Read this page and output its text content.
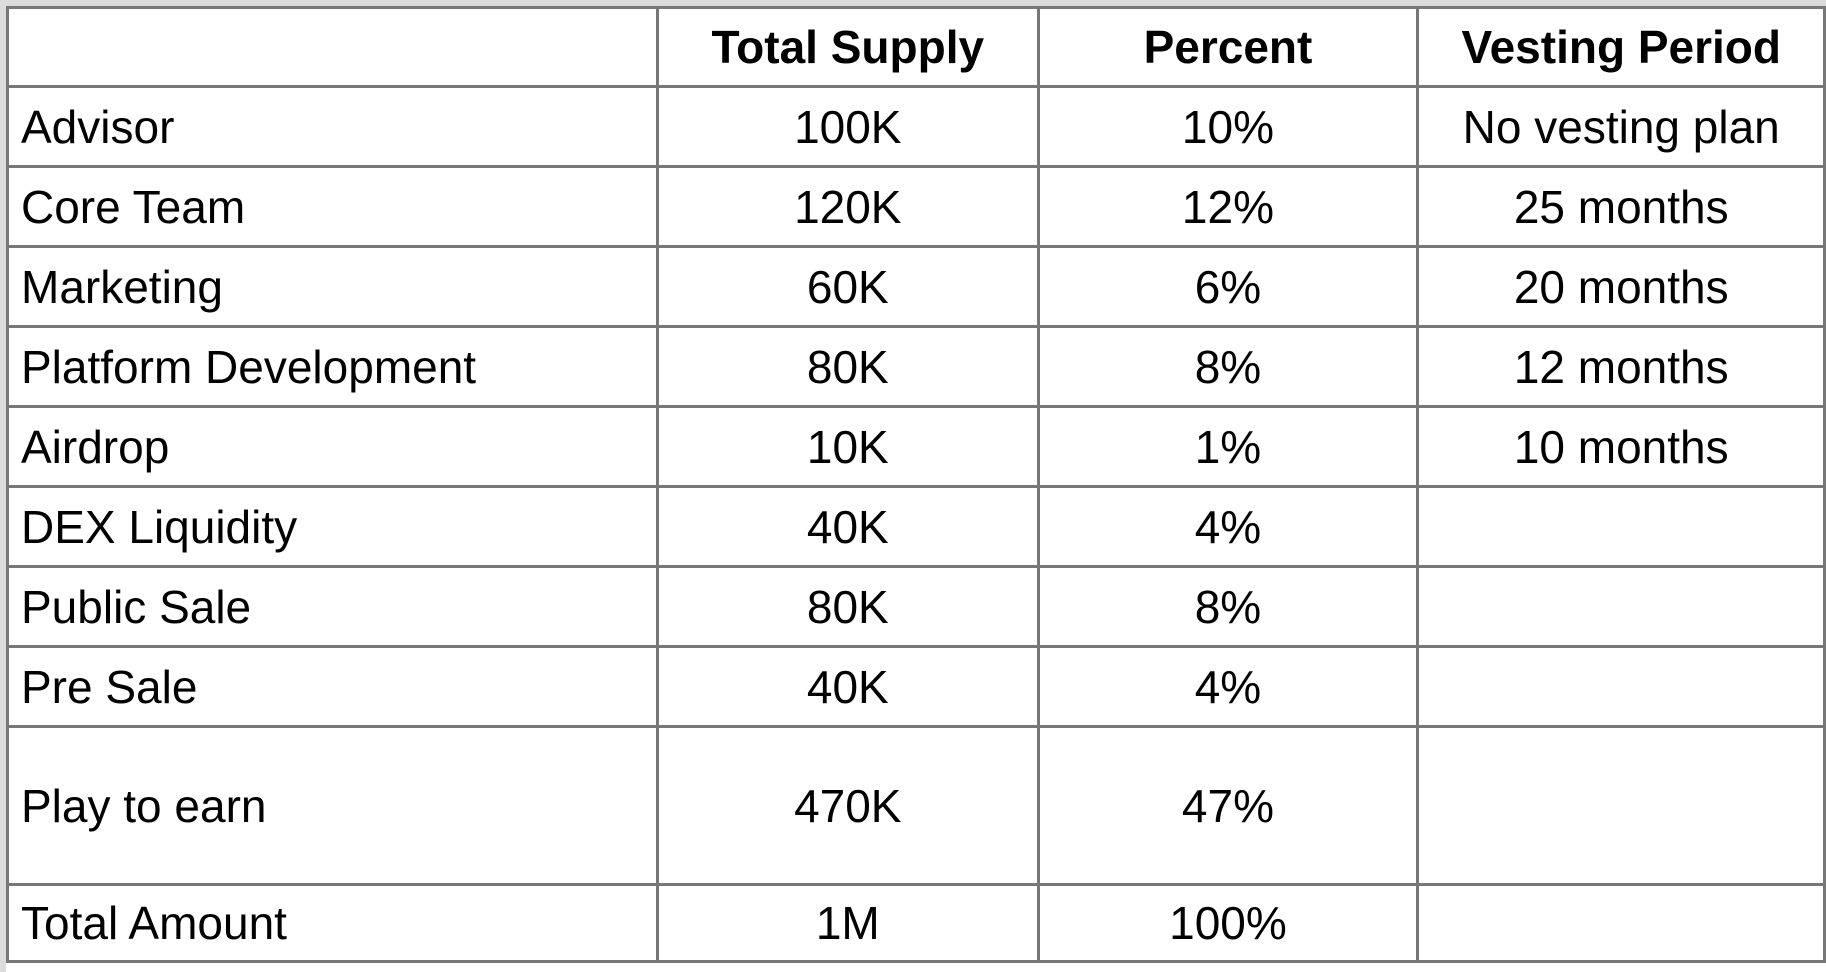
	Total Supply	Percent	Vesting Period
Advisor	100K	10%	No vesting plan
Core Team	120K	12%	25 months
Marketing	60K	6%	20 months
Platform Development	80K	8%	12 months
Airdrop	10K	1%	10 months
DEX Liquidity	40K	4%	
Public Sale	80K	8%	
Pre Sale	40K	4%	
Play to earn	470K	47%	
Total Amount	1M	100%	
